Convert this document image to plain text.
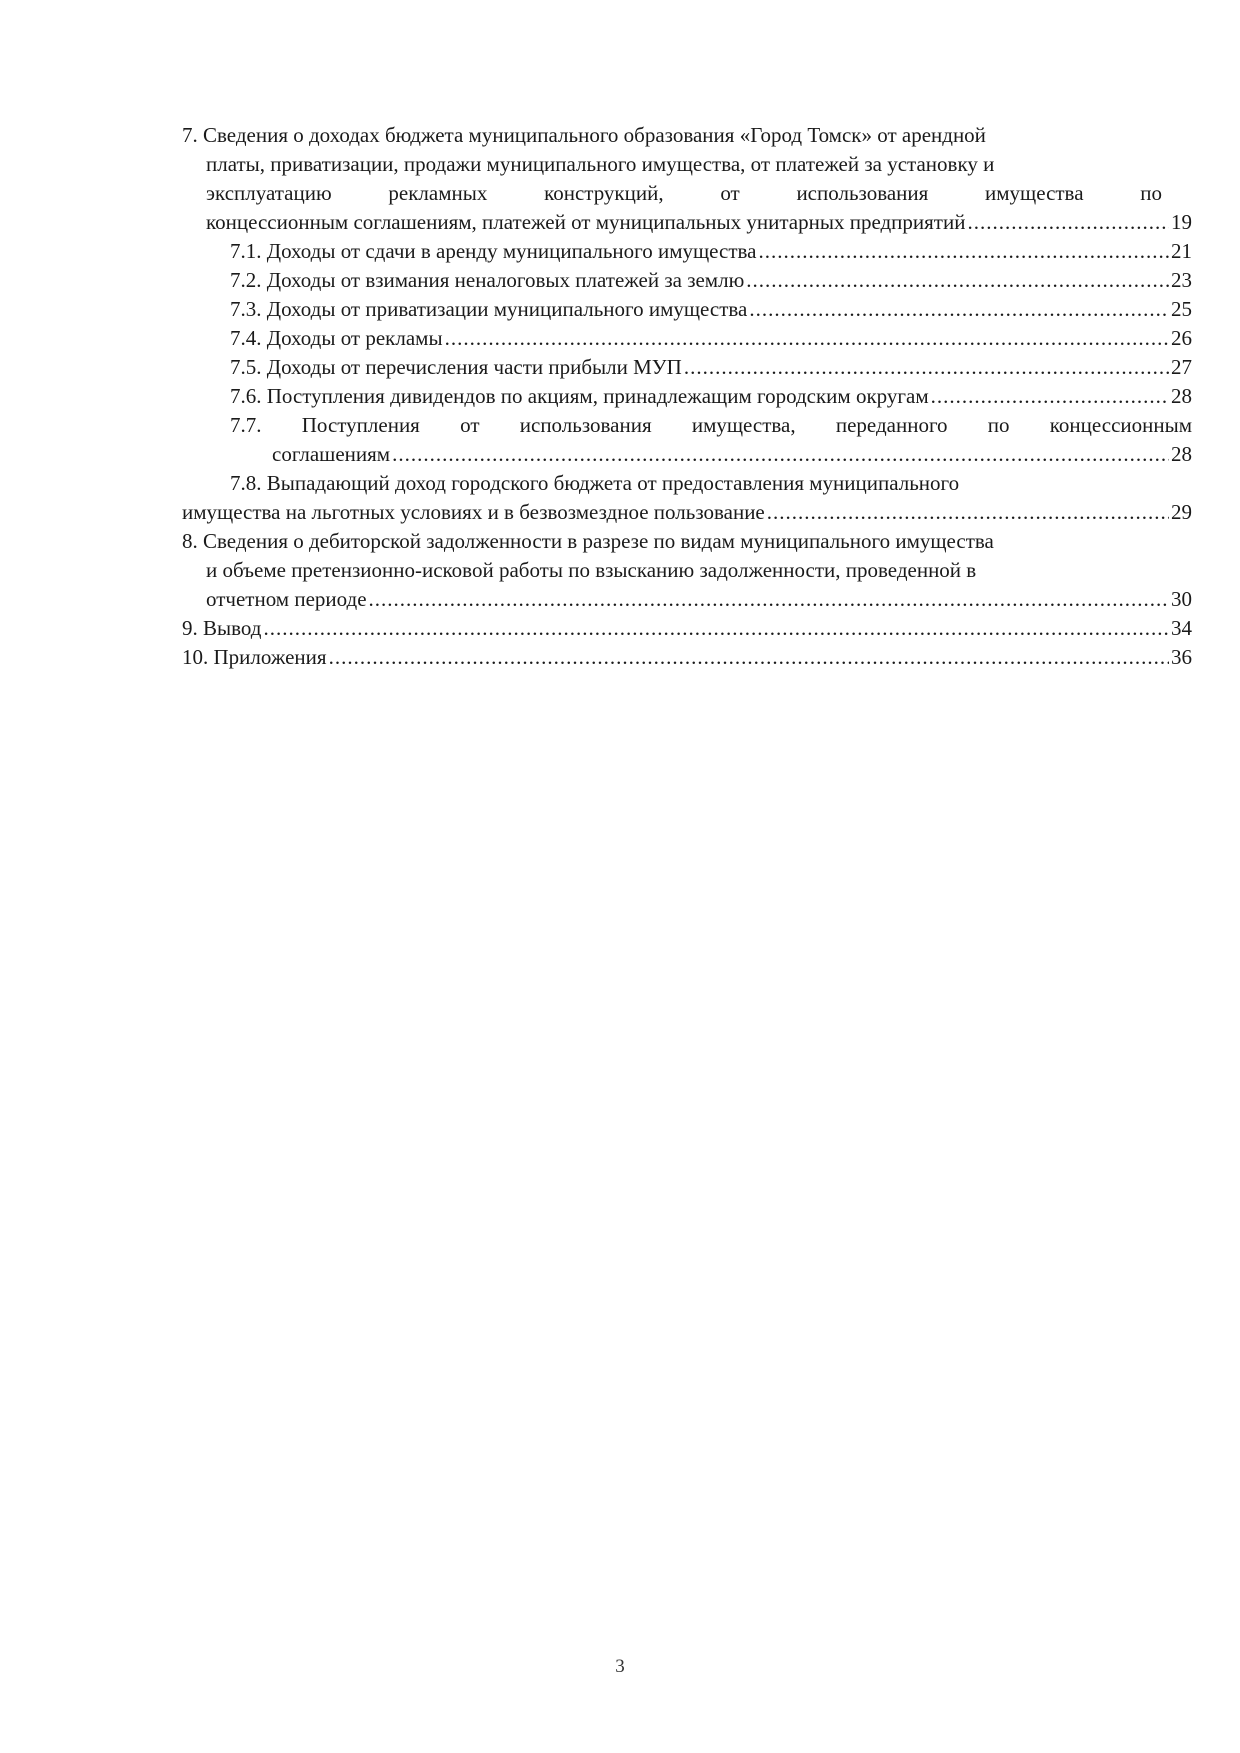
7. Сведения о доходах бюджета муниципального образования «Город Томск» от арендной
платы, приватизации, продажи муниципального имущества, от платежей за установку и
эксплуатацию рекламных конструкций, от использования имущества по
концессионным соглашениям, платежей от муниципальных унитарных предприятий .....	19
7.1. Доходы от сдачи в аренду муниципального имущества .....	21
7.2. Доходы от взимания неналоговых платежей за землю .....	23
7.3. Доходы от приватизации муниципального имущества .....	25
7.4. Доходы от рекламы .....	26
7.5. Доходы от перечисления части прибыли МУП .....	27
7.6. Поступления дивидендов по акциям, принадлежащим городским округам .....	28
7.7. Поступления от использования имущества, переданного по концессионным
соглашениям .....	28
7.8. Выпадающий доход городского бюджета от предоставления муниципального
имущества на льготных условиях и в безвозмездное пользование .....	29
8. Сведения о дебиторской задолженности в разрезе по видам муниципального имущества
и объеме претензионно-исковой работы по взысканию задолженности, проведенной в
отчетном периоде .....	30
9. Вывод .....	34
10. Приложения .....	36
3
